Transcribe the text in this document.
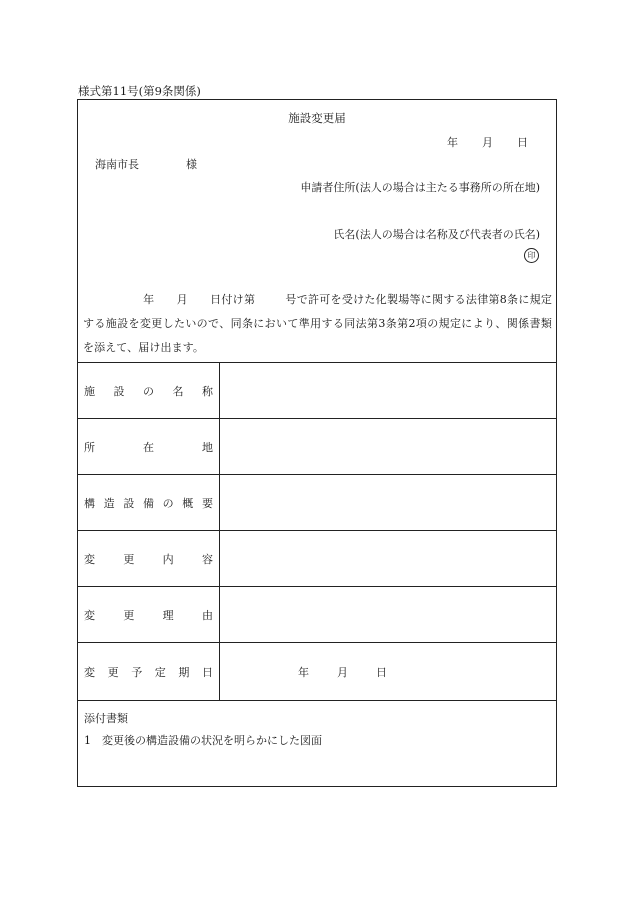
様式第11号(第9条関係)
施設変更届
年 月 日
海南市長	様
申請者住所(法人の場合は主たる事務所の所在地)
氏名(法人の場合は名称及び代表者の氏名)
印
年 月 日付け第	号で許可を受けた化製場等に関する法律第8条に規定する施設を変更したいので、同条において準用する同法第3条第2項の規定により、関係書類を添えて、届け出ます。
施 設 の 名 称
所	在	地
構 造 設 備 の 概 要
変	更	内	容
変	更	理	由
変 更 予 定 期 日	年	月	日
添付書類
1 変更後の構造設備の状況を明らかにした図面
